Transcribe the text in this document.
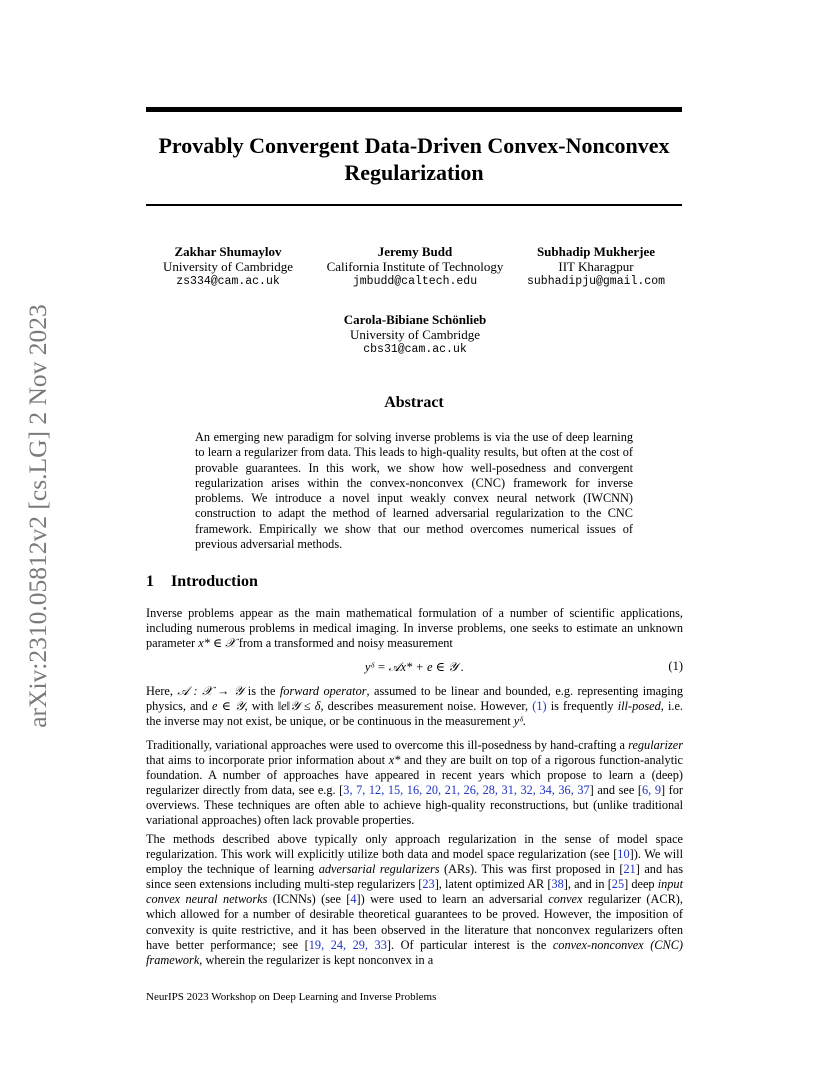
arXiv:2310.05812v2 [cs.LG] 2 Nov 2023
Provably Convergent Data-Driven Convex-Nonconvex
Regularization
Zakhar Shumaylov
University of Cambridge
zs334@cam.ac.uk
Jeremy Budd
California Institute of Technology
jmbudd@caltech.edu
Subhadip Mukherjee
IIT Kharagpur
subhadipju@gmail.com
Carola-Bibiane Schönlieb
University of Cambridge
cbs31@cam.ac.uk
Abstract
An emerging new paradigm for solving inverse problems is via the use of deep learning to learn a regularizer from data. This leads to high-quality results, but often at the cost of provable guarantees. In this work, we show how well-posedness and convergent regularization arises within the convex-nonconvex (CNC) framework for inverse problems. We introduce a novel input weakly convex neural network (IWCNN) construction to adapt the method of learned adversarial regularization to the CNC framework. Empirically we show that our method overcomes numerical issues of previous adversarial methods.
1 Introduction
Inverse problems appear as the main mathematical formulation of a number of scientific applications, including numerous problems in medical imaging. In inverse problems, one seeks to estimate an unknown parameter x* ∈ 𝒳 from a transformed and noisy measurement
yᵟ = 𝒜x* + e ∈ 𝒴 .	(1)
Here, 𝒜 : 𝒳 → 𝒴 is the forward operator, assumed to be linear and bounded, e.g. representing imaging physics, and e ∈ 𝒴, with ‖e‖𝒴 ≤ δ, describes measurement noise. However, (1) is frequently ill-posed, i.e. the inverse may not exist, be unique, or be continuous in the measurement yᵟ.
Traditionally, variational approaches were used to overcome this ill-posedness by hand-crafting a regularizer that aims to incorporate prior information about x* and they are built on top of a rigorous function-analytic foundation. A number of approaches have appeared in recent years which propose to learn a (deep) regularizer directly from data, see e.g. [3, 7, 12, 15, 16, 20, 21, 26, 28, 31, 32, 34, 36, 37] and see [6, 9] for overviews. These techniques are often able to achieve high-quality reconstructions, but (unlike traditional variational approaches) often lack provable properties.
The methods described above typically only approach regularization in the sense of model space regularization. This work will explicitly utilize both data and model space regularization (see [10]). We will employ the technique of learning adversarial regularizers (ARs). This was first proposed in [21] and has since seen extensions including multi-step regularizers [23], latent optimized AR [38], and in [25] deep input convex neural networks (ICNNs) (see [4]) were used to learn an adversarial convex regularizer (ACR), which allowed for a number of desirable theoretical guarantees to be proved. However, the imposition of convexity is quite restrictive, and it has been observed in the literature that nonconvex regularizers often have better performance; see [19, 24, 29, 33]. Of particular interest is the convex-nonconvex (CNC) framework, wherein the regularizer is kept nonconvex in a
NeurIPS 2023 Workshop on Deep Learning and Inverse Problems
